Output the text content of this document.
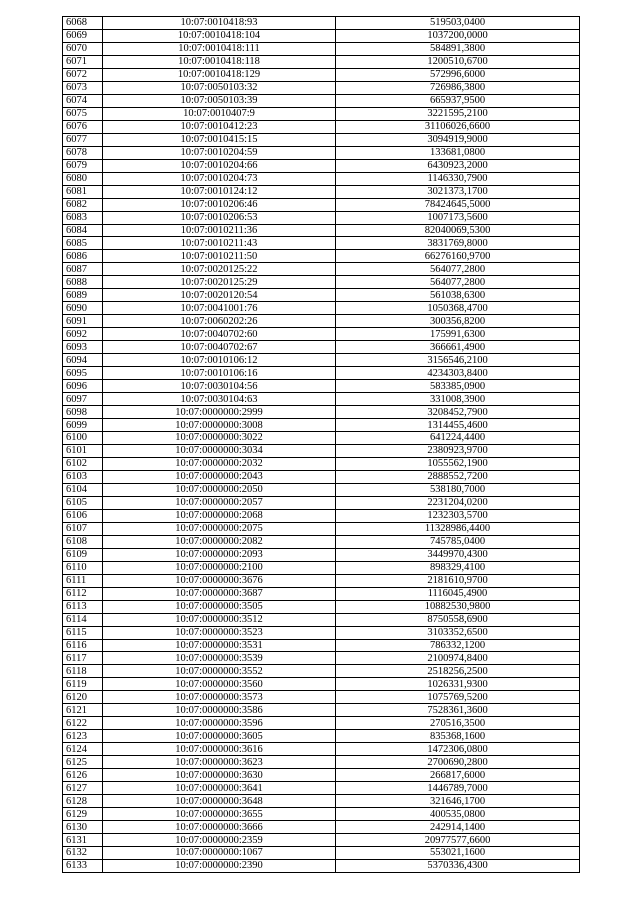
6068	10:07:0010418:93	519503,0400
6069	10:07:0010418:104	1037200,0000
6070	10:07:0010418:111	584891,3800
6071	10:07:0010418:118	1200510,6700
6072	10:07:0010418:129	572996,6000
6073	10:07:0050103:32	726986,3800
6074	10:07:0050103:39	665937,9500
6075	10:07:0010407:9	3221595,2100
6076	10:07:0010412:23	31106026,6600
6077	10:07:0010415:15	3094919,9000
6078	10:07:0010204:59	133681,0800
6079	10:07:0010204:66	6430923,2000
6080	10:07:0010204:73	1146330,7900
6081	10:07:0010124:12	3021373,1700
6082	10:07:0010206:46	78424645,5000
6083	10:07:0010206:53	1007173,5600
6084	10:07:0010211:36	82040069,5300
6085	10:07:0010211:43	3831769,8000
6086	10:07:0010211:50	66276160,9700
6087	10:07:0020125:22	564077,2800
6088	10:07:0020125:29	564077,2800
6089	10:07:0020120:54	561038,6300
6090	10:07:0041001:76	1050368,4700
6091	10:07:0060202:26	300356,8200
6092	10:07:0040702:60	175991,6300
6093	10:07:0040702:67	366661,4900
6094	10:07:0010106:12	3156546,2100
6095	10:07:0010106:16	4234303,8400
6096	10:07:0030104:56	583385,0900
6097	10:07:0030104:63	331008,3900
6098	10:07:0000000:2999	3208452,7900
6099	10:07:0000000:3008	1314455,4600
6100	10:07:0000000:3022	641224,4400
6101	10:07:0000000:3034	2380923,9700
6102	10:07:0000000:2032	1055562,1900
6103	10:07:0000000:2043	2888552,7200
6104	10:07:0000000:2050	538180,7000
6105	10:07:0000000:2057	2231204,0200
6106	10:07:0000000:2068	1232303,5700
6107	10:07:0000000:2075	11328986,4400
6108	10:07:0000000:2082	745785,0400
6109	10:07:0000000:2093	3449970,4300
6110	10:07:0000000:2100	898329,4100
6111	10:07:0000000:3676	2181610,9700
6112	10:07:0000000:3687	1116045,4900
6113	10:07:0000000:3505	10882530,9800
6114	10:07:0000000:3512	8750558,6900
6115	10:07:0000000:3523	3103352,6500
6116	10:07:0000000:3531	786332,1200
6117	10:07:0000000:3539	2100974,8400
6118	10:07:0000000:3552	2518256,2500
6119	10:07:0000000:3560	1026331,9300
6120	10:07:0000000:3573	1075769,5200
6121	10:07:0000000:3586	7528361,3600
6122	10:07:0000000:3596	270516,3500
6123	10:07:0000000:3605	835368,1600
6124	10:07:0000000:3616	1472306,0800
6125	10:07:0000000:3623	2700690,2800
6126	10:07:0000000:3630	266817,6000
6127	10:07:0000000:3641	1446789,7000
6128	10:07:0000000:3648	321646,1700
6129	10:07:0000000:3655	400535,0800
6130	10:07:0000000:3666	242914,1400
6131	10:07:0000000:2359	20977577,6600
6132	10:07:0000000:1067	553021,1600
6133	10:07:0000000:2390	5370336,4300
